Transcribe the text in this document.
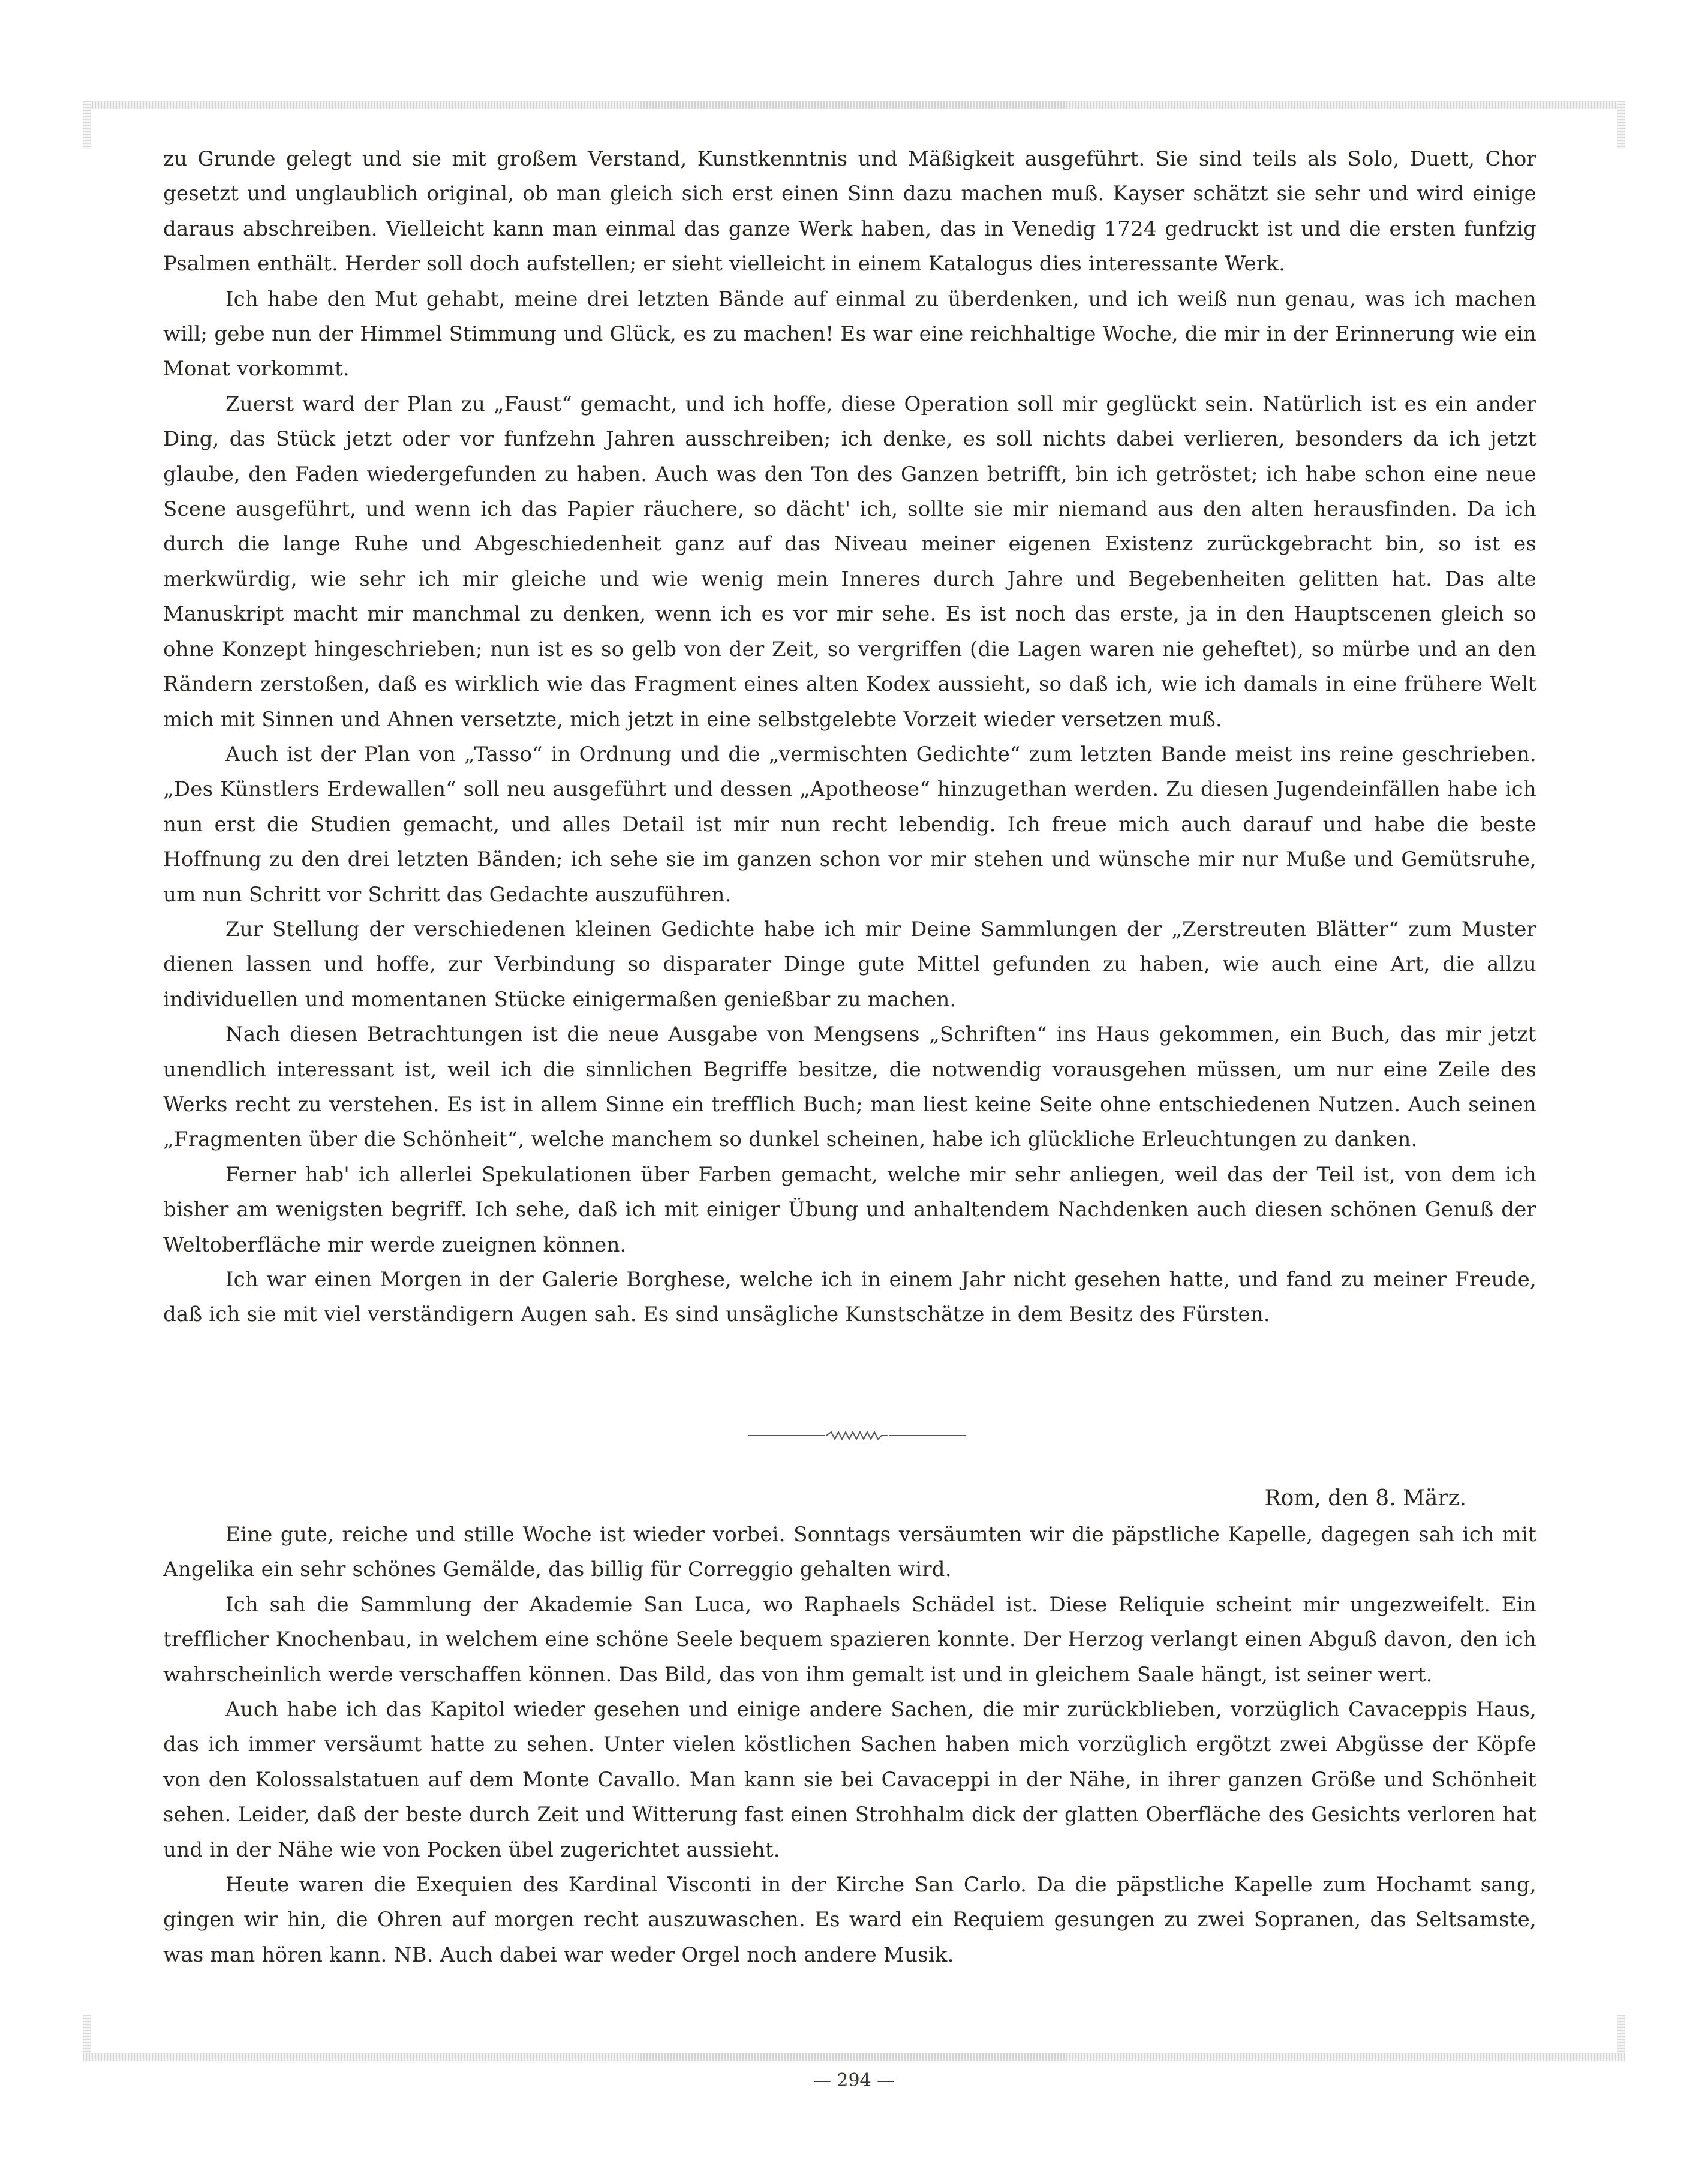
zu Grunde gelegt und sie mit großem Verstand, Kunstkenntnis und Mäßigkeit ausgeführt. Sie sind teils als Solo, Duett, Chor gesetzt und unglaublich original, ob man gleich sich erst einen Sinn dazu machen muß. Kayser schätzt sie sehr und wird einige daraus abschreiben. Vielleicht kann man einmal das ganze Werk haben, das in Venedig 1724 gedruckt ist und die ersten funfzig Psalmen enthält. Herder soll doch aufstellen; er sieht vielleicht in einem Katalogus dies interessante Werk.

Ich habe den Mut gehabt, meine drei letzten Bände auf einmal zu überdenken, und ich weiß nun genau, was ich machen will; gebe nun der Himmel Stimmung und Glück, es zu machen! Es war eine reichhaltige Woche, die mir in der Erinnerung wie ein Monat vorkommt.

Zuerst ward der Plan zu „Faust“ gemacht, und ich hoffe, diese Operation soll mir geglückt sein. Natürlich ist es ein ander Ding, das Stück jetzt oder vor funfzehn Jahren ausschreiben; ich denke, es soll nichts dabei verlieren, besonders da ich jetzt glaube, den Faden wiedergefunden zu haben. Auch was den Ton des Ganzen betrifft, bin ich getröstet; ich habe schon eine neue Scene ausgeführt, und wenn ich das Papier räuchere, so dächt' ich, sollte sie mir niemand aus den alten herausfinden. Da ich durch die lange Ruhe und Abgeschiedenheit ganz auf das Niveau meiner eigenen Existenz zurückgebracht bin, so ist es merkwürdig, wie sehr ich mir gleiche und wie wenig mein Inneres durch Jahre und Begebenheiten gelitten hat. Das alte Manuskript macht mir manchmal zu denken, wenn ich es vor mir sehe. Es ist noch das erste, ja in den Hauptscenen gleich so ohne Konzept hingeschrieben; nun ist es so gelb von der Zeit, so vergriffen (die Lagen waren nie geheftet), so mürbe und an den Rändern zerstoßen, daß es wirklich wie das Fragment eines alten Kodex aussieht, so daß ich, wie ich damals in eine frühere Welt mich mit Sinnen und Ahnen versetzte, mich jetzt in eine selbstgelebte Vorzeit wieder versetzen muß.

Auch ist der Plan von „Tasso“ in Ordnung und die „vermischten Gedichte“ zum letzten Bande meist ins reine geschrieben. „Des Künstlers Erdewallen“ soll neu ausgeführt und dessen „Apotheose“ hinzugethan werden. Zu diesen Jugendeinfällen habe ich nun erst die Studien gemacht, und alles Detail ist mir nun recht lebendig. Ich freue mich auch darauf und habe die beste Hoffnung zu den drei letzten Bänden; ich sehe sie im ganzen schon vor mir stehen und wünsche mir nur Muße und Gemütsruhe, um nun Schritt vor Schritt das Gedachte auszuführen.

Zur Stellung der verschiedenen kleinen Gedichte habe ich mir Deine Sammlungen der „Zerstreuten Blätter“ zum Muster dienen lassen und hoffe, zur Verbindung so disparater Dinge gute Mittel gefunden zu haben, wie auch eine Art, die allzu individuellen und momentanen Stücke einigermaßen genießbar zu machen.

Nach diesen Betrachtungen ist die neue Ausgabe von Mengsens „Schriften“ ins Haus gekommen, ein Buch, das mir jetzt unendlich interessant ist, weil ich die sinnlichen Begriffe besitze, die notwendig vorausgehen müssen, um nur eine Zeile des Werks recht zu verstehen. Es ist in allem Sinne ein trefflich Buch; man liest keine Seite ohne entschiedenen Nutzen. Auch seinen „Fragmenten über die Schönheit“, welche manchem so dunkel scheinen, habe ich glückliche Erleuchtungen zu danken.

Ferner hab' ich allerlei Spekulationen über Farben gemacht, welche mir sehr anliegen, weil das der Teil ist, von dem ich bisher am wenigsten begriff. Ich sehe, daß ich mit einiger Übung und anhaltendem Nachdenken auch diesen schönen Genuß der Weltoberfläche mir werde zueignen können.

Ich war einen Morgen in der Galerie Borghese, welche ich in einem Jahr nicht gesehen hatte, und fand zu meiner Freude, daß ich sie mit viel verständigern Augen sah. Es sind unsägliche Kunstschätze in dem Besitz des Fürsten.

Rom, den 8. März.

Eine gute, reiche und stille Woche ist wieder vorbei. Sonntags versäumten wir die päpstliche Kapelle, dagegen sah ich mit Angelika ein sehr schönes Gemälde, das billig für Correggio gehalten wird.

Ich sah die Sammlung der Akademie San Luca, wo Raphaels Schädel ist. Diese Reliquie scheint mir ungezweifelt. Ein trefflicher Knochenbau, in welchem eine schöne Seele bequem spazieren konnte. Der Herzog verlangt einen Abguß davon, den ich wahrscheinlich werde verschaffen können. Das Bild, das von ihm gemalt ist und in gleichem Saale hängt, ist seiner wert.

Auch habe ich das Kapitol wieder gesehen und einige andere Sachen, die mir zurückblieben, vorzüglich Cavaceppis Haus, das ich immer versäumt hatte zu sehen. Unter vielen köstlichen Sachen haben mich vorzüglich ergötzt zwei Abgüsse der Köpfe von den Kolossalstatuen auf dem Monte Cavallo. Man kann sie bei Cavaceppi in der Nähe, in ihrer ganzen Größe und Schönheit sehen. Leider, daß der beste durch Zeit und Witterung fast einen Strohhalm dick der glatten Oberfläche des Gesichts verloren hat und in der Nähe wie von Pocken übel zugerichtet aussieht.

Heute waren die Exequien des Kardinal Visconti in der Kirche San Carlo. Da die päpstliche Kapelle zum Hochamt sang, gingen wir hin, die Ohren auf morgen recht auszuwaschen. Es ward ein Requiem gesungen zu zwei Sopranen, das Seltsamste, was man hören kann. NB. Auch dabei war weder Orgel noch andere Musik.

— 294 —
